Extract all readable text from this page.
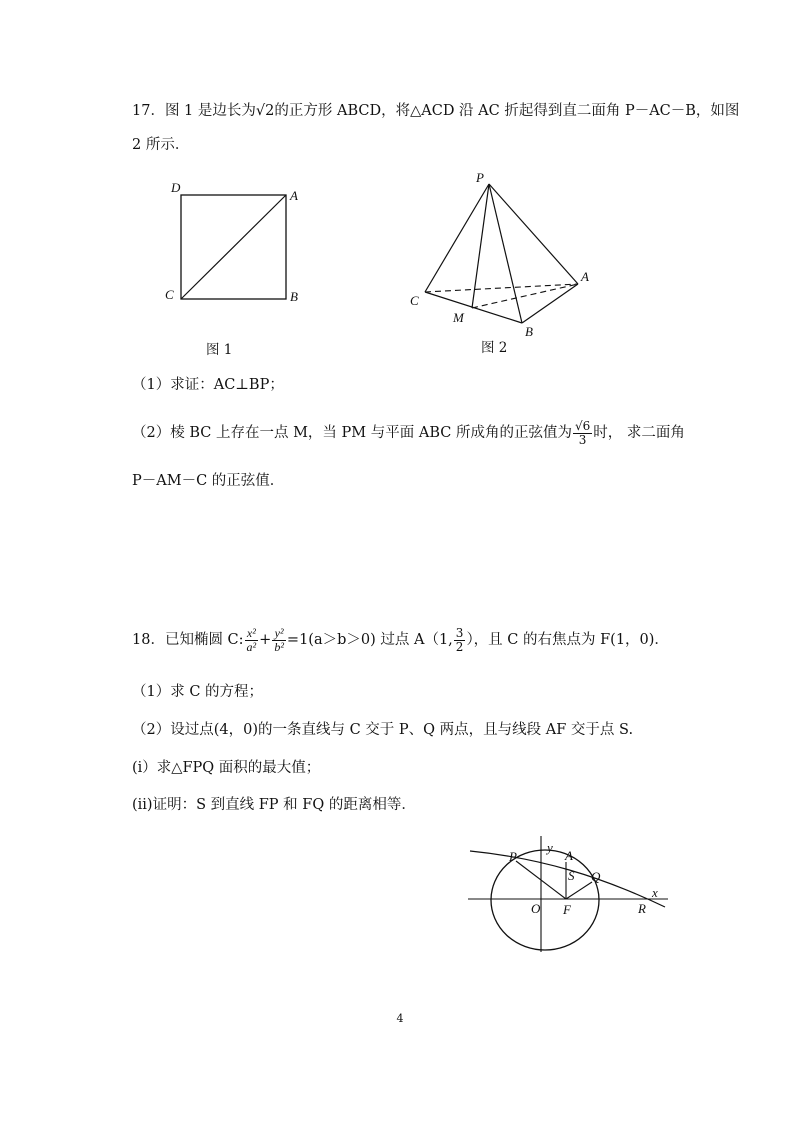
17．图 1 是边长为√2的正方形 ABCD，将△ACD 沿 AC 折起得到直二面角 P－AC－B，如图
2 所示．
D
A
C	B
图 1
P
A
C
M
B
图 2
（1）求证：AC⊥BP；
（2）棱 BC 上存在一点 M，当 PM 与平面 ABC 所成角的正弦值为 $\frac{√6}{3}$ 时， 求二面角
P－AM－C 的正弦值．
18．已知椭圆 C: $\frac{\text{x²}}{\text{a²}} + \frac{\text{y²}}{\text{b²}} =1(a>b>0)$ 过点 A（1, $\frac{3}{2}$ ），且 C 的右焦点为 F(1，0)．
（1）求 C 的方程；
（2）设过点(4，0)的一条直线与 C 交于 P、Q 两点，且与线段 AF 交于点 S.
(i）求△FPQ 面积的最大值；
(ii)证明：S 到直线 FP 和 FQ 的距离相等．
y
P	A
S Q
x
O F	R
4
